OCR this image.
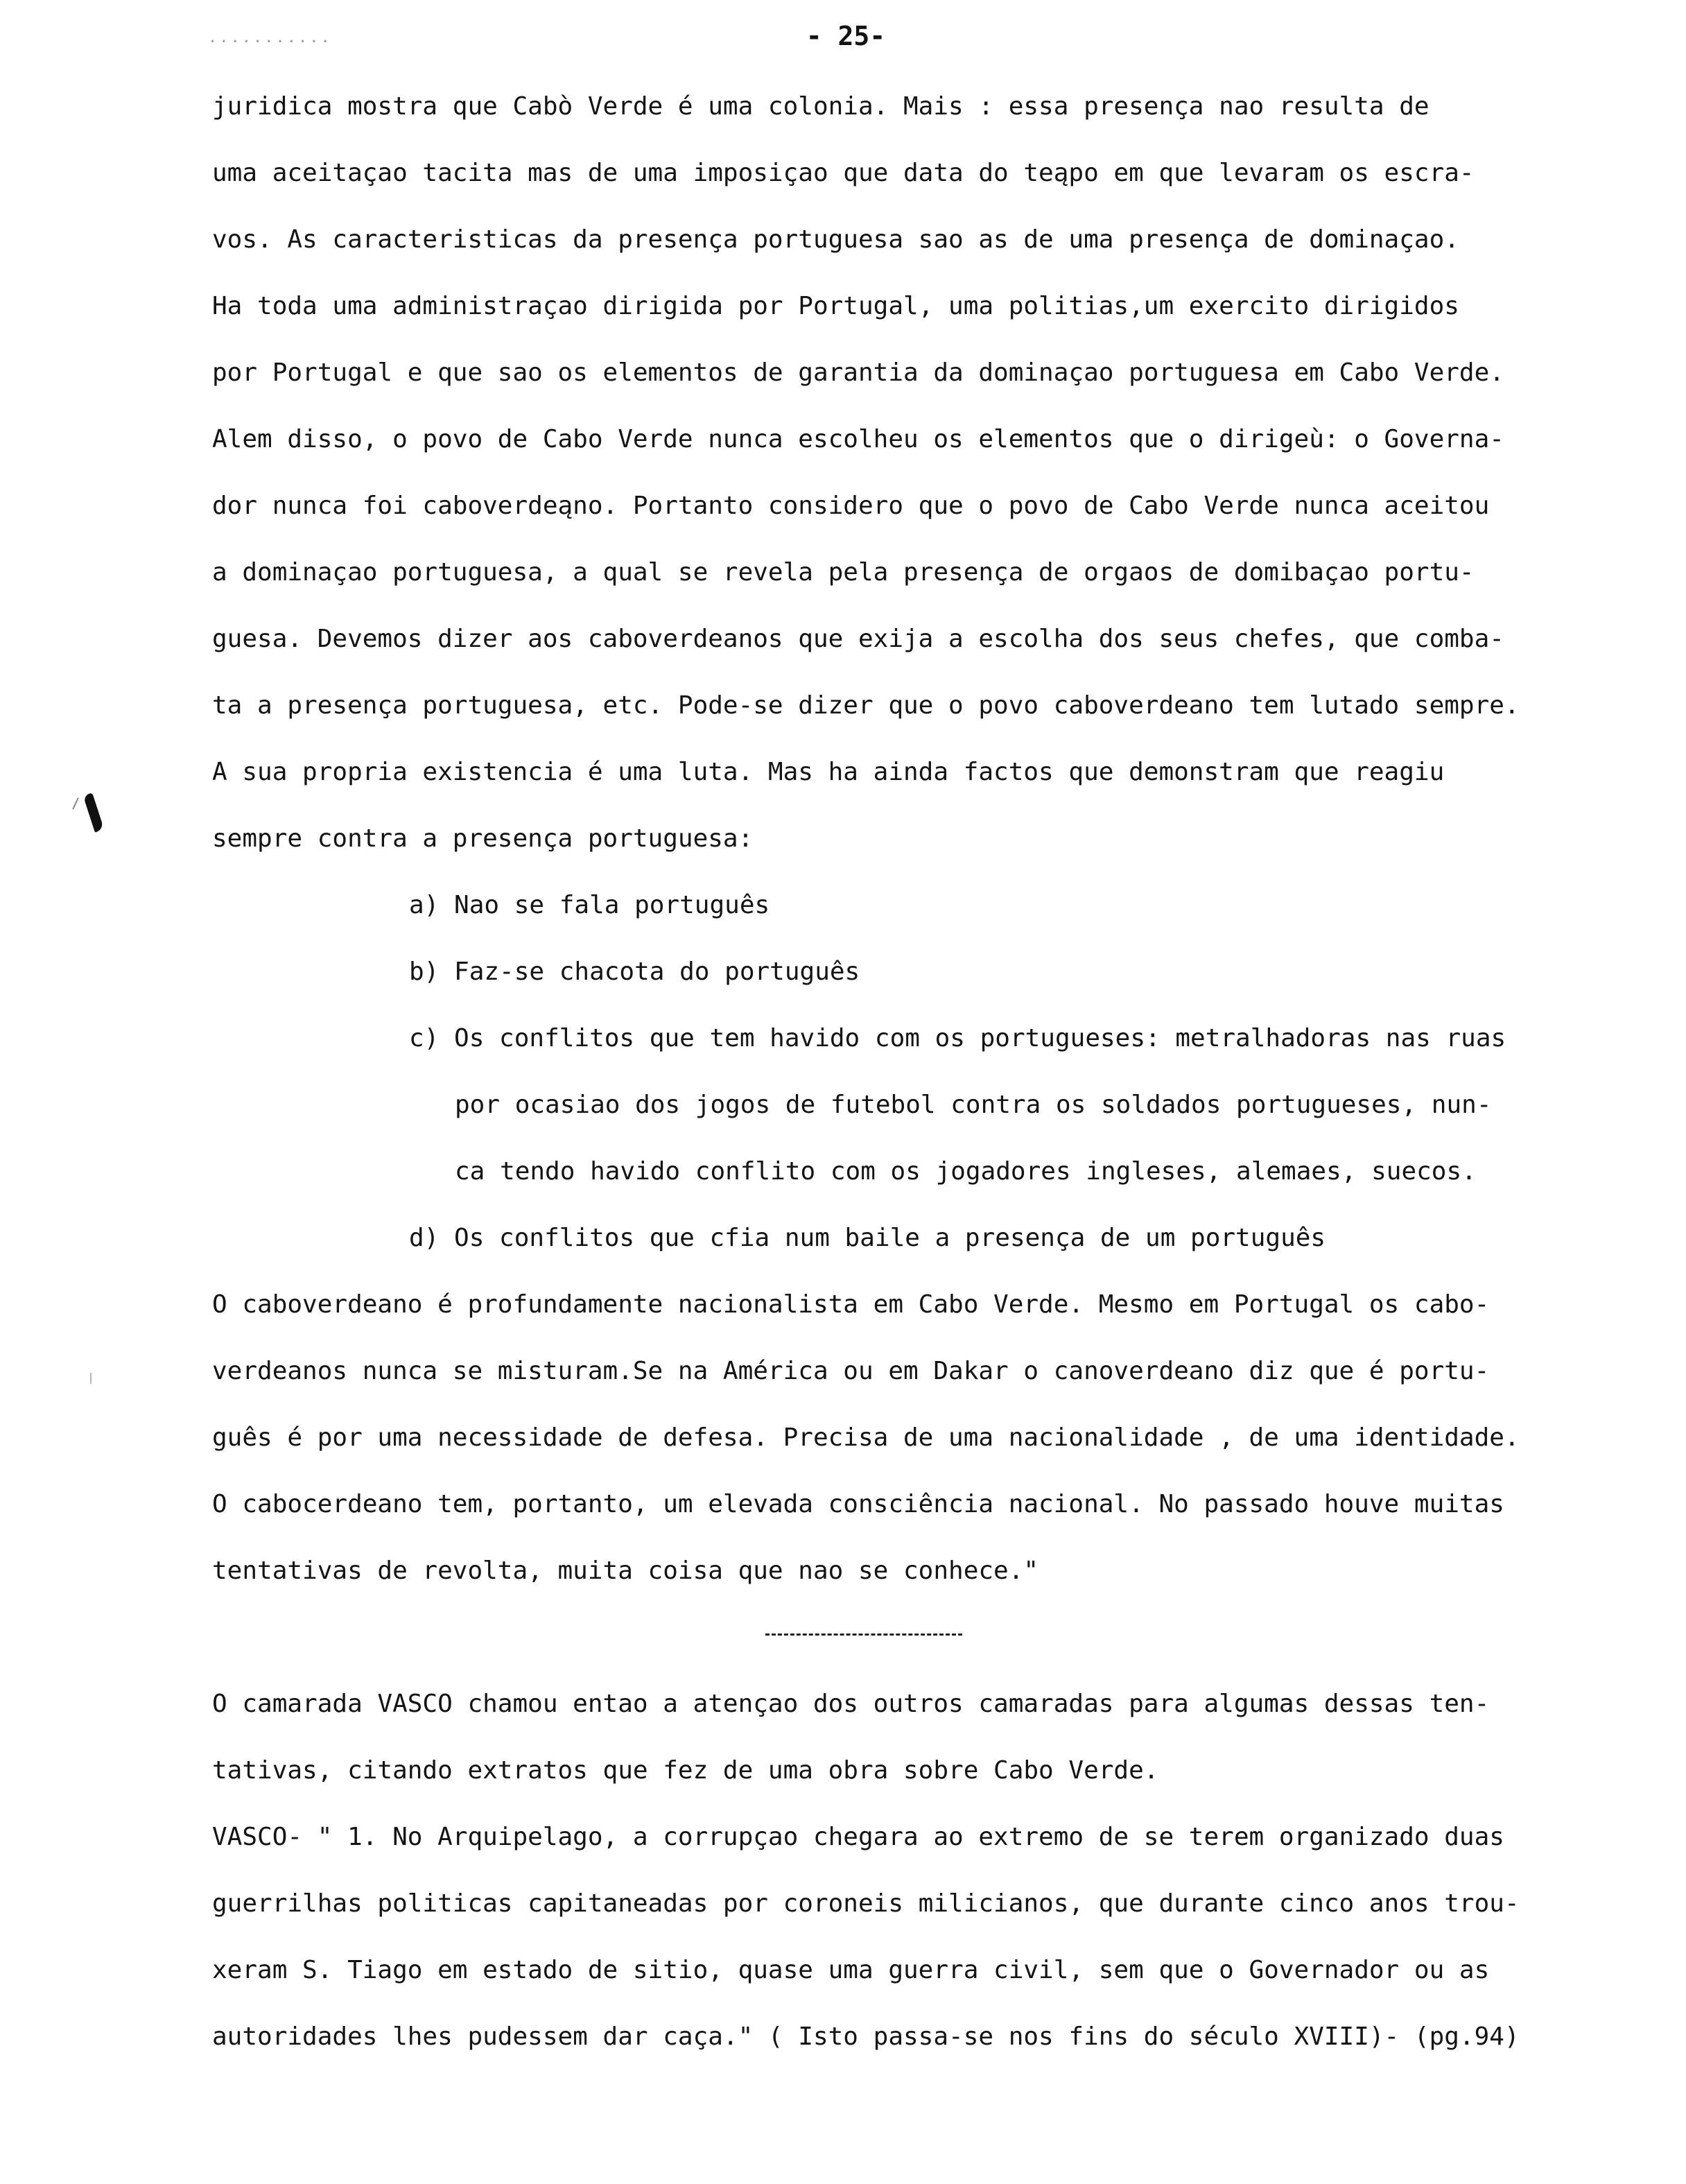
...........	- 25-
juridica mostra que Cabò Verde é uma colonia. Mais : essa presença nao resulta de
uma aceitaçao tacita mas de uma imposiçao que data do teąpo em que levaram os escra-
vos. As caracteristicas da presença portuguesa sao as de uma presença de dominaçao.
Ha toda uma administraçao dirigida por Portugal, uma politias,um exercito dirigidos
por Portugal e que sao os elementos de garantia da dominaçao portuguesa em Cabo Verde.
Alem disso, o povo de Cabo Verde nunca escolheu os elementos que o dirigeù: o Governa-
dor nunca foi caboverdeąno. Portanto considero que o povo de Cabo Verde nunca aceitou
a dominaçao portuguesa, a qual se revela pela presença de orgaos de domibaçao portu-
guesa. Devemos dizer aos caboverdeanos que exija a escolha dos seus chefes, que comba-
ta a presença portuguesa, etc. Pode-se dizer que o povo caboverdeano tem lutado sempre.
A sua propria existencia é uma luta. Mas ha ainda factos que demonstram que reagiu
sempre contra a presença portuguesa:
a) Nao se fala português
b) Faz-se chacota do português
c) Os conflitos que tem havido com os portugueses: metralhadoras nas ruas
por ocasiao dos jogos de futebol contra os soldados portugueses, nun-
ca tendo havido conflito com os jogadores ingleses, alemaes, suecos.
d) Os conflitos que cfia num baile a presença de um português
O caboverdeano é profundamente nacionalista em Cabo Verde. Mesmo em Portugal os cabo-
verdeanos nunca se misturam.Se na América ou em Dakar o canoverdeano diz que é portu-
guês é por uma necessidade de defesa. Precisa de uma nacionalidade , de uma identidade.
O cabocerdeano tem, portanto, um elevada consciência nacional. No passado houve muitas
tentativas de revolta, muita coisa que nao se conhece."
O camarada VASCO chamou entao a atençao dos outros camaradas para algumas dessas ten-
tativas, citando extratos que fez de uma obra sobre Cabo Verde.
VASCO- " 1. No Arquipelago, a corrupçao chegara ao extremo de se terem organizado duas
guerrilhas politicas capitaneadas por coroneis milicianos, que durante cinco anos trou-
xeram S. Tiago em estado de sitio, quase uma guerra civil, sem que o Governador ou as
autoridades lhes pudessem dar caça." ( Isto passa-se nos fins do século XVIII)- (pg.94)
